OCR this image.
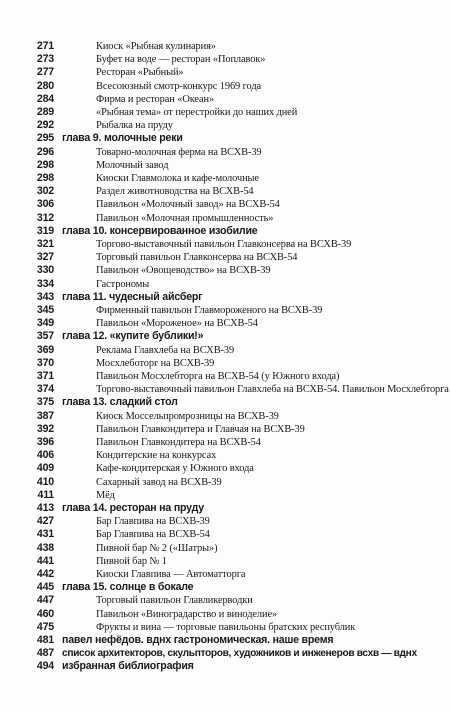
271	Киоск «Рыбная кулинария»
273	Буфет на воде — ресторан «Поплавок»
277	Ресторан «Рыбный»
280	Всесоюзный смотр-конкурс 1969 года
284	Фирма и ресторан «Океан»
289	«Рыбная тема» от перестройки до наших дней
292	Рыбалка на пруду
295 глава 9. молочные реки
296	Товарно-молочная ферма на ВСХВ-39
298	Молочный завод
298	Киоски Главмолока и кафе-молочные
302	Раздел животноводства на ВСХВ-54
306	Павильон «Молочный завод» на ВСХВ-54
312	Павильон «Молочная промышленность»
319 глава 10. консервированное изобилие
321	Торгово-выставочный павильон Главконсерва на ВСХВ-39
327	Торговый павильон Главконсерва на ВСХВ-54
330	Павильон «Овощеводство» на ВСХВ-39
334	Гастрономы
343 глава 11. чудесный айсберг
345	Фирменный павильон Главмороженого на ВСХВ-39
349	Павильон «Мороженое» на ВСХВ-54
357 глава 12. «купите бублики!»
369	Реклама Главхлеба на ВСХВ-39
370	Мосхлеботорг на ВСХВ-39
371	Павильон Мосхлебторга на ВСХВ-54 (у Южного входа)
374	Торгово-выставочный павильон Главхлеба на ВСХВ-54. Павильон Мосхлебторга
375 глава 13. сладкий стол
387	Киоск Моссельпромрозницы на ВСХВ-39
392	Павильон Главкондитера и Главчая на ВСХВ-39
396	Павильон Главкондитера на ВСХВ-54
406	Кондитерские на конкурсах
409	Кафе-кондитерская у Южного входа
410	Сахарный завод на ВСХВ-39
411	Мёд
413 глава 14. ресторан на пруду
427	Бар Главпива на ВСХВ-39
431	Бар Главпива на ВСХВ-54
438	Пивной бар № 2 («Шатры»)
441	Пивной бар № 1
442	Киоски Главпива — Автоматторга
445 глава 15. солнце в бокале
447	Торговый павильон Главликерводки
460	Павильон «Виноградарство и виноделие»
475	Фрукты и вина — торговые павильоны братских республик
481 павел нефёдов. вднх гастрономическая. наше время
487 список архитекторов, скульпторов, художников и инженеров всхв — вднх
494 избранная библиография
